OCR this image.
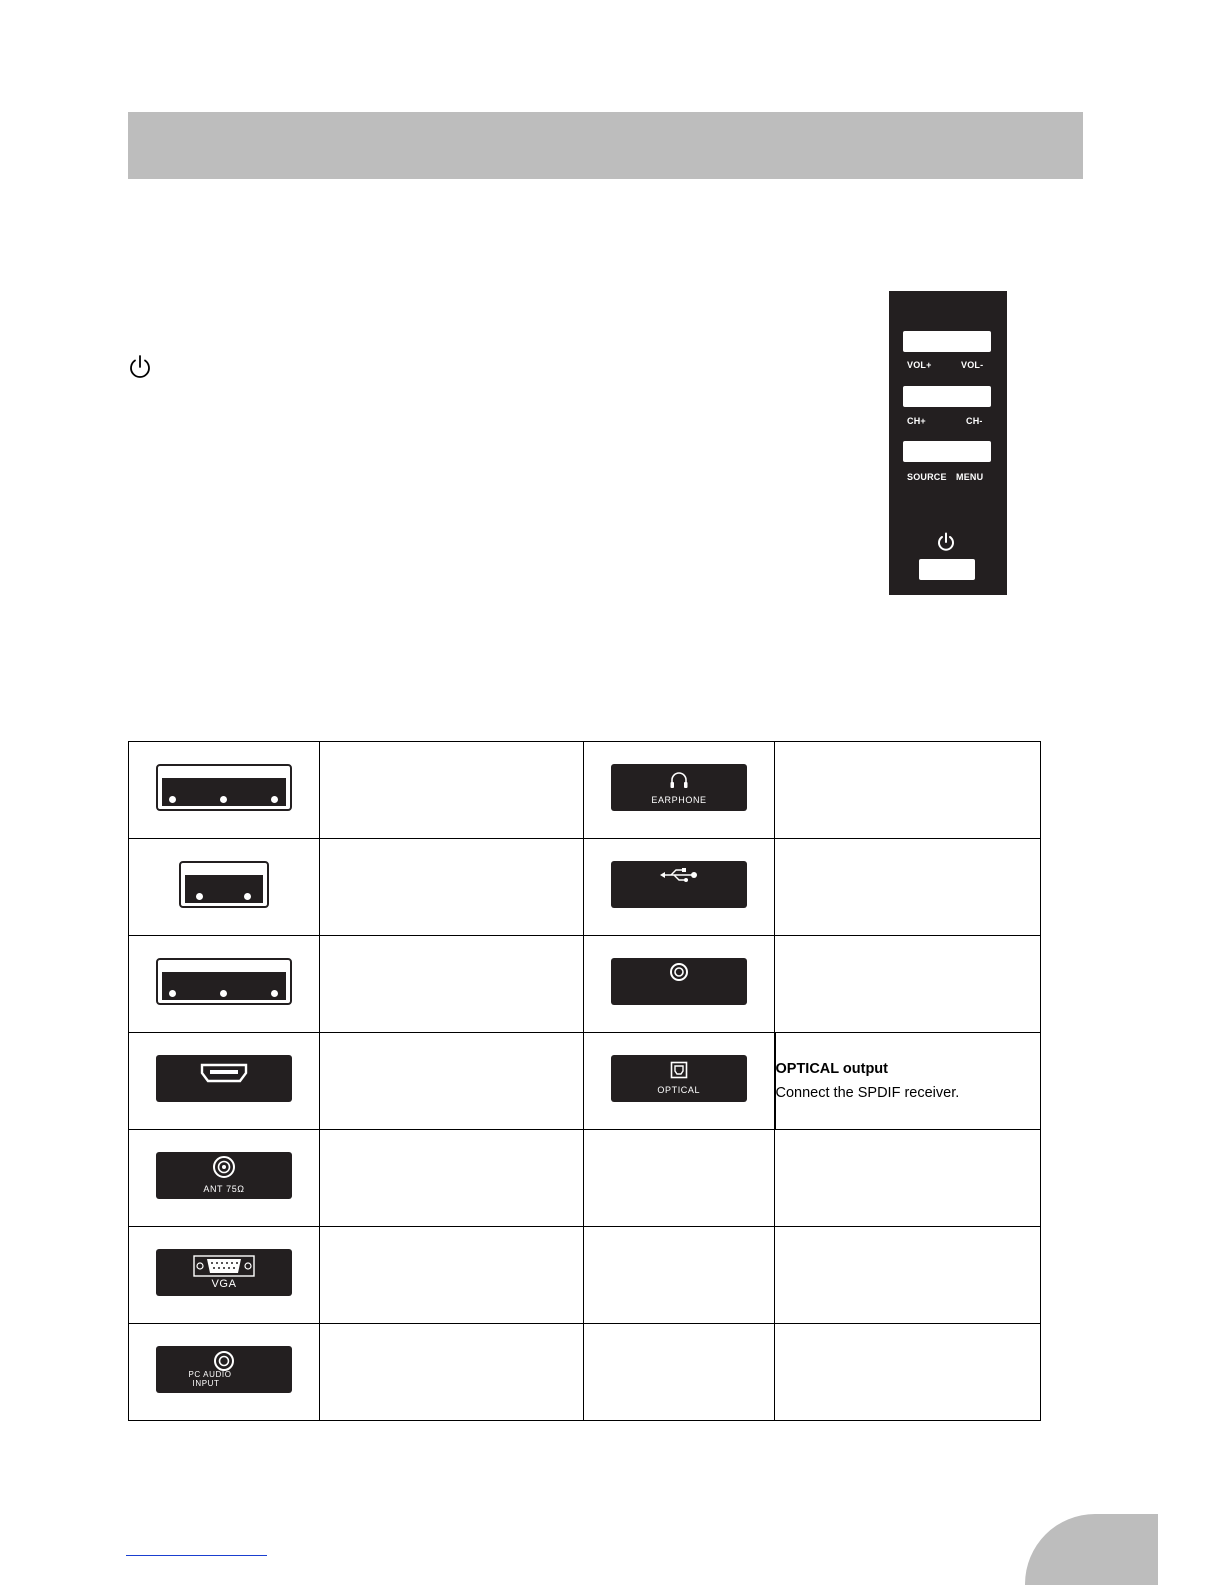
VOL+	VOL-
CH+	CH-
SOURCE MENU

		EARPHONE	

OPTICAL	OPTICAL output
Connect the SPDIF receiver.

ANT 75Ω			

VGA			

PC AUDIO
INPUT			
